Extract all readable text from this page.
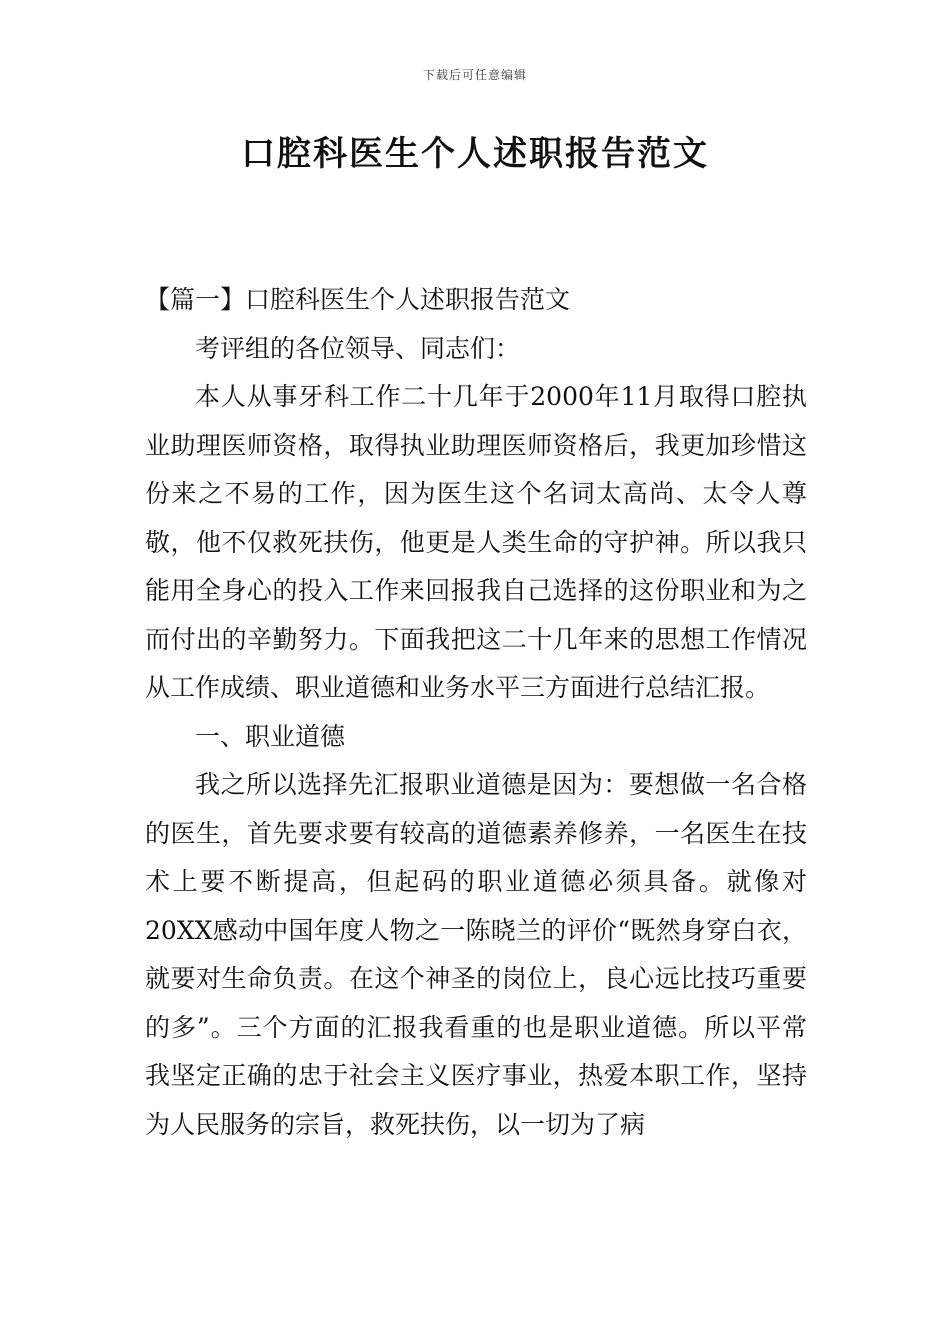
下载后可任意编辑
口腔科医生个人述职报告范文

【篇一】口腔科医生个人述职报告范文

考评组的各位领导、同志们：

本人从事牙科工作二十几年于2000年11月取得口腔执业助理医师资格，取得执业助理医师资格后，我更加珍惜这份来之不易的工作，因为医生这个名词太高尚、太令人尊敬，他不仅救死扶伤，他更是人类生命的守护神。所以我只能用全身心的投入工作来回报我自己选择的这份职业和为之而付出的辛勤努力。下面我把这二十几年来的思想工作情况从工作成绩、职业道德和业务水平三方面进行总结汇报。

一、职业道德

我之所以选择先汇报职业道德是因为：要想做一名合格的医生，首先要求要有较高的道德素养修养，一名医生在技术上要不断提高，但起码的职业道德必须具备。就像对20XX感动中国年度人物之一陈晓兰的评价“既然身穿白衣，就要对生命负责。在这个神圣的岗位上，良心远比技巧重要的多”。三个方面的汇报我看重的也是职业道德。所以平常我坚定正确的忠于社会主义医疗事业，热爱本职工作，坚持为人民服务的宗旨，救死扶伤，以一切为了病
